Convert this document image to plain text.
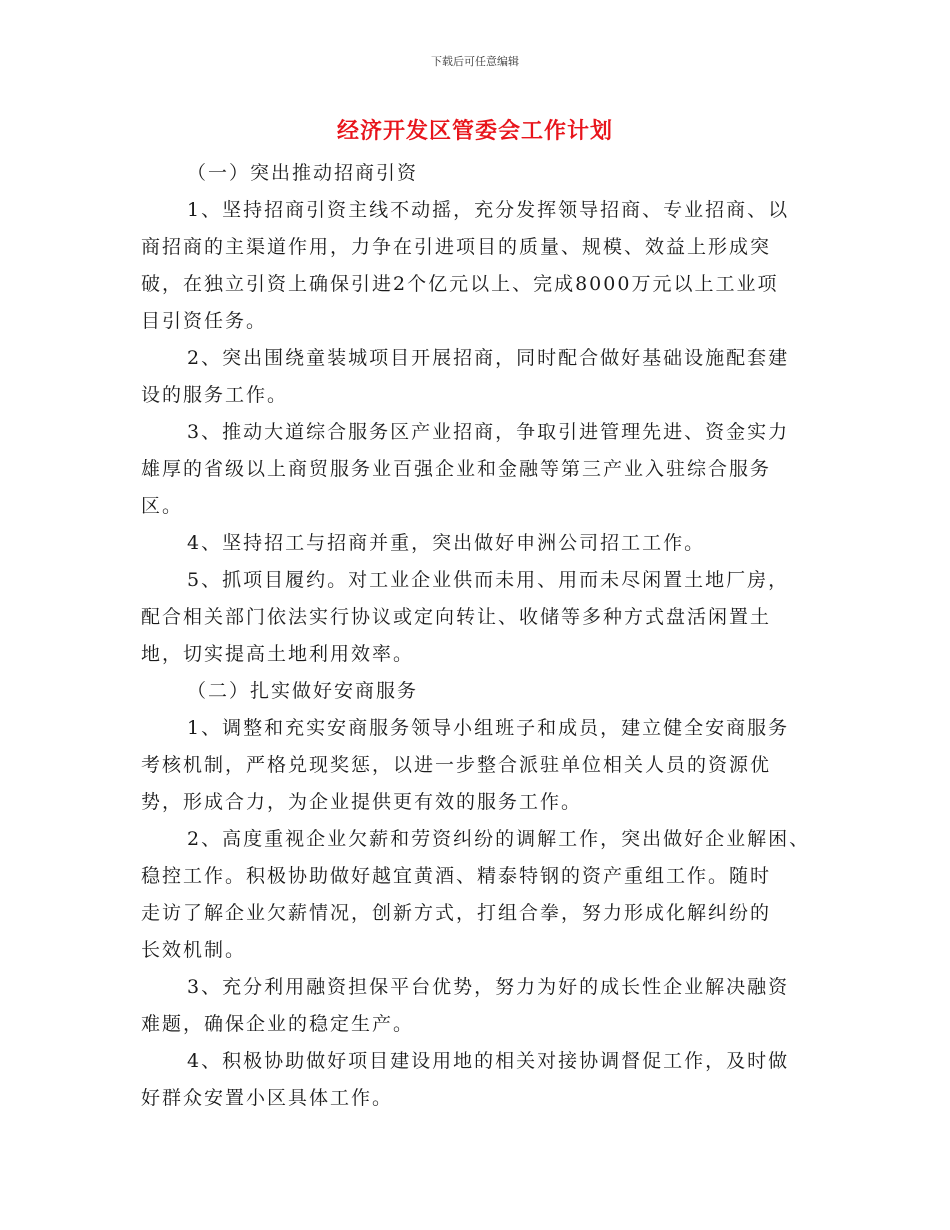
下载后可任意编辑
经济开发区管委会工作计划
（一）突出推动招商引资
1、坚持招商引资主线不动摇，充分发挥领导招商、专业招商、以
商招商的主渠道作用，力争在引进项目的质量、规模、效益上形成突
破，在独立引资上确保引进2个亿元以上、完成8000万元以上工业项
目引资任务。
2、突出围绕童装城项目开展招商，同时配合做好基础设施配套建
设的服务工作。
3、推动大道综合服务区产业招商，争取引进管理先进、资金实力
雄厚的省级以上商贸服务业百强企业和金融等第三产业入驻综合服务
区。
4、坚持招工与招商并重，突出做好申洲公司招工工作。
5、抓项目履约。对工业企业供而未用、用而未尽闲置土地厂房，
配合相关部门依法实行协议或定向转让、收储等多种方式盘活闲置土
地，切实提高土地利用效率。
（二）扎实做好安商服务
1、调整和充实安商服务领导小组班子和成员，建立健全安商服务
考核机制，严格兑现奖惩，以进一步整合派驻单位相关人员的资源优
势，形成合力，为企业提供更有效的服务工作。
2、高度重视企业欠薪和劳资纠纷的调解工作，突出做好企业解困、
稳控工作。积极协助做好越宜黄酒、精泰特钢的资产重组工作。随时
走访了解企业欠薪情况，创新方式，打组合拳，努力形成化解纠纷的
长效机制。
3、充分利用融资担保平台优势，努力为好的成长性企业解决融资
难题，确保企业的稳定生产。
4、积极协助做好项目建设用地的相关对接协调督促工作，及时做
好群众安置小区具体工作。
